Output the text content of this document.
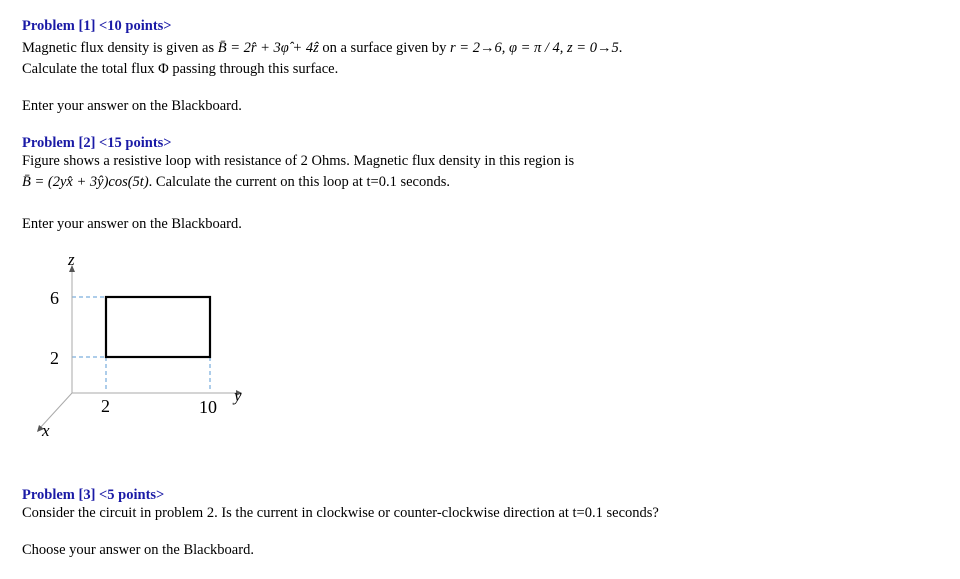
Problem [1] <10 points>
Magnetic flux density is given as B̄ = 2r̂ + 3φ̂ + 4ẑ on a surface given by r = 2→6, φ = π / 4, z = 0→5.
Calculate the total flux Φ passing through this surface.
Enter your answer on the Blackboard.
Problem [2] <15 points>
Figure shows a resistive loop with resistance of 2 Ohms. Magnetic flux density in this region is
B̄ = (2yx̂ + 3ŷ)cos(5t). Calculate the current on this loop at t=0.1 seconds.
Enter your answer on the Blackboard.
z
y
x
6
2
2	10
Problem [3] <5 points>
Consider the circuit in problem 2. Is the current in clockwise or counter-clockwise direction at t=0.1 seconds?
Choose your answer on the Blackboard.
